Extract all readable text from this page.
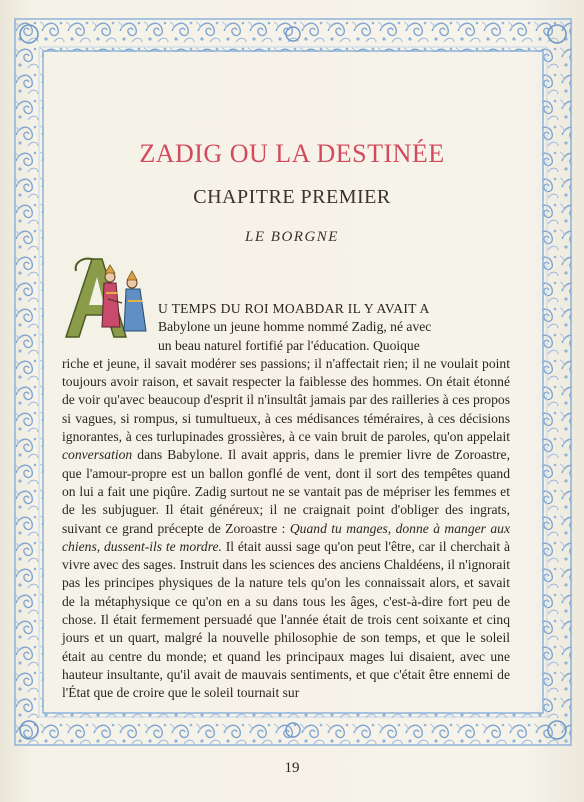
ZADIG OU LA DESTINÉE
CHAPITRE PREMIER
LE BORGNE

U TEMPS DU ROI MOABDAR IL Y AVAIT A
Babylone un jeune homme nommé Zadig, né avec
un beau naturel fortifié par l'éducation. Quoique
riche et jeune, il savait modérer ses passions; il n'affectait rien; il ne voulait point toujours avoir raison, et savait respecter la faiblesse des hommes. On était étonné de voir qu'avec beaucoup d'esprit il n'insultât jamais par des railleries à ces propos si vagues, si rompus, si tumultueux, à ces médisances téméraires, à ces décisions ignorantes, à ces turlupinades grossières, à ce vain bruit de paroles, qu'on appelait conversation dans Babylone. Il avait appris, dans le premier livre de Zoroastre, que l'amour-propre est un ballon gonflé de vent, dont il sort des tempêtes quand on lui a fait une piqûre. Zadig surtout ne se vantait pas de mépriser les femmes et de les subjuguer. Il était généreux; il ne craignait point d'obliger des ingrats, suivant ce grand précepte de Zoroastre : Quand tu manges, donne à manger aux chiens, dussent-ils te mordre. Il était aussi sage qu'on peut l'être, car il cherchait à vivre avec des sages. Instruit dans les sciences des anciens Chaldéens, il n'ignorait pas les principes physiques de la nature tels qu'on les connaissait alors, et savait de la métaphysique ce qu'on en a su dans tous les âges, c'est-à-dire fort peu de chose. Il était fermement persuadé que l'année était de trois cent soixante et cinq jours et un quart, malgré la nouvelle philosophie de son temps, et que le soleil était au centre du monde; et quand les principaux mages lui disaient, avec une hauteur insultante, qu'il avait de mauvais sentiments, et que c'était être ennemi de l'État que de croire que le soleil tournait sur

19
